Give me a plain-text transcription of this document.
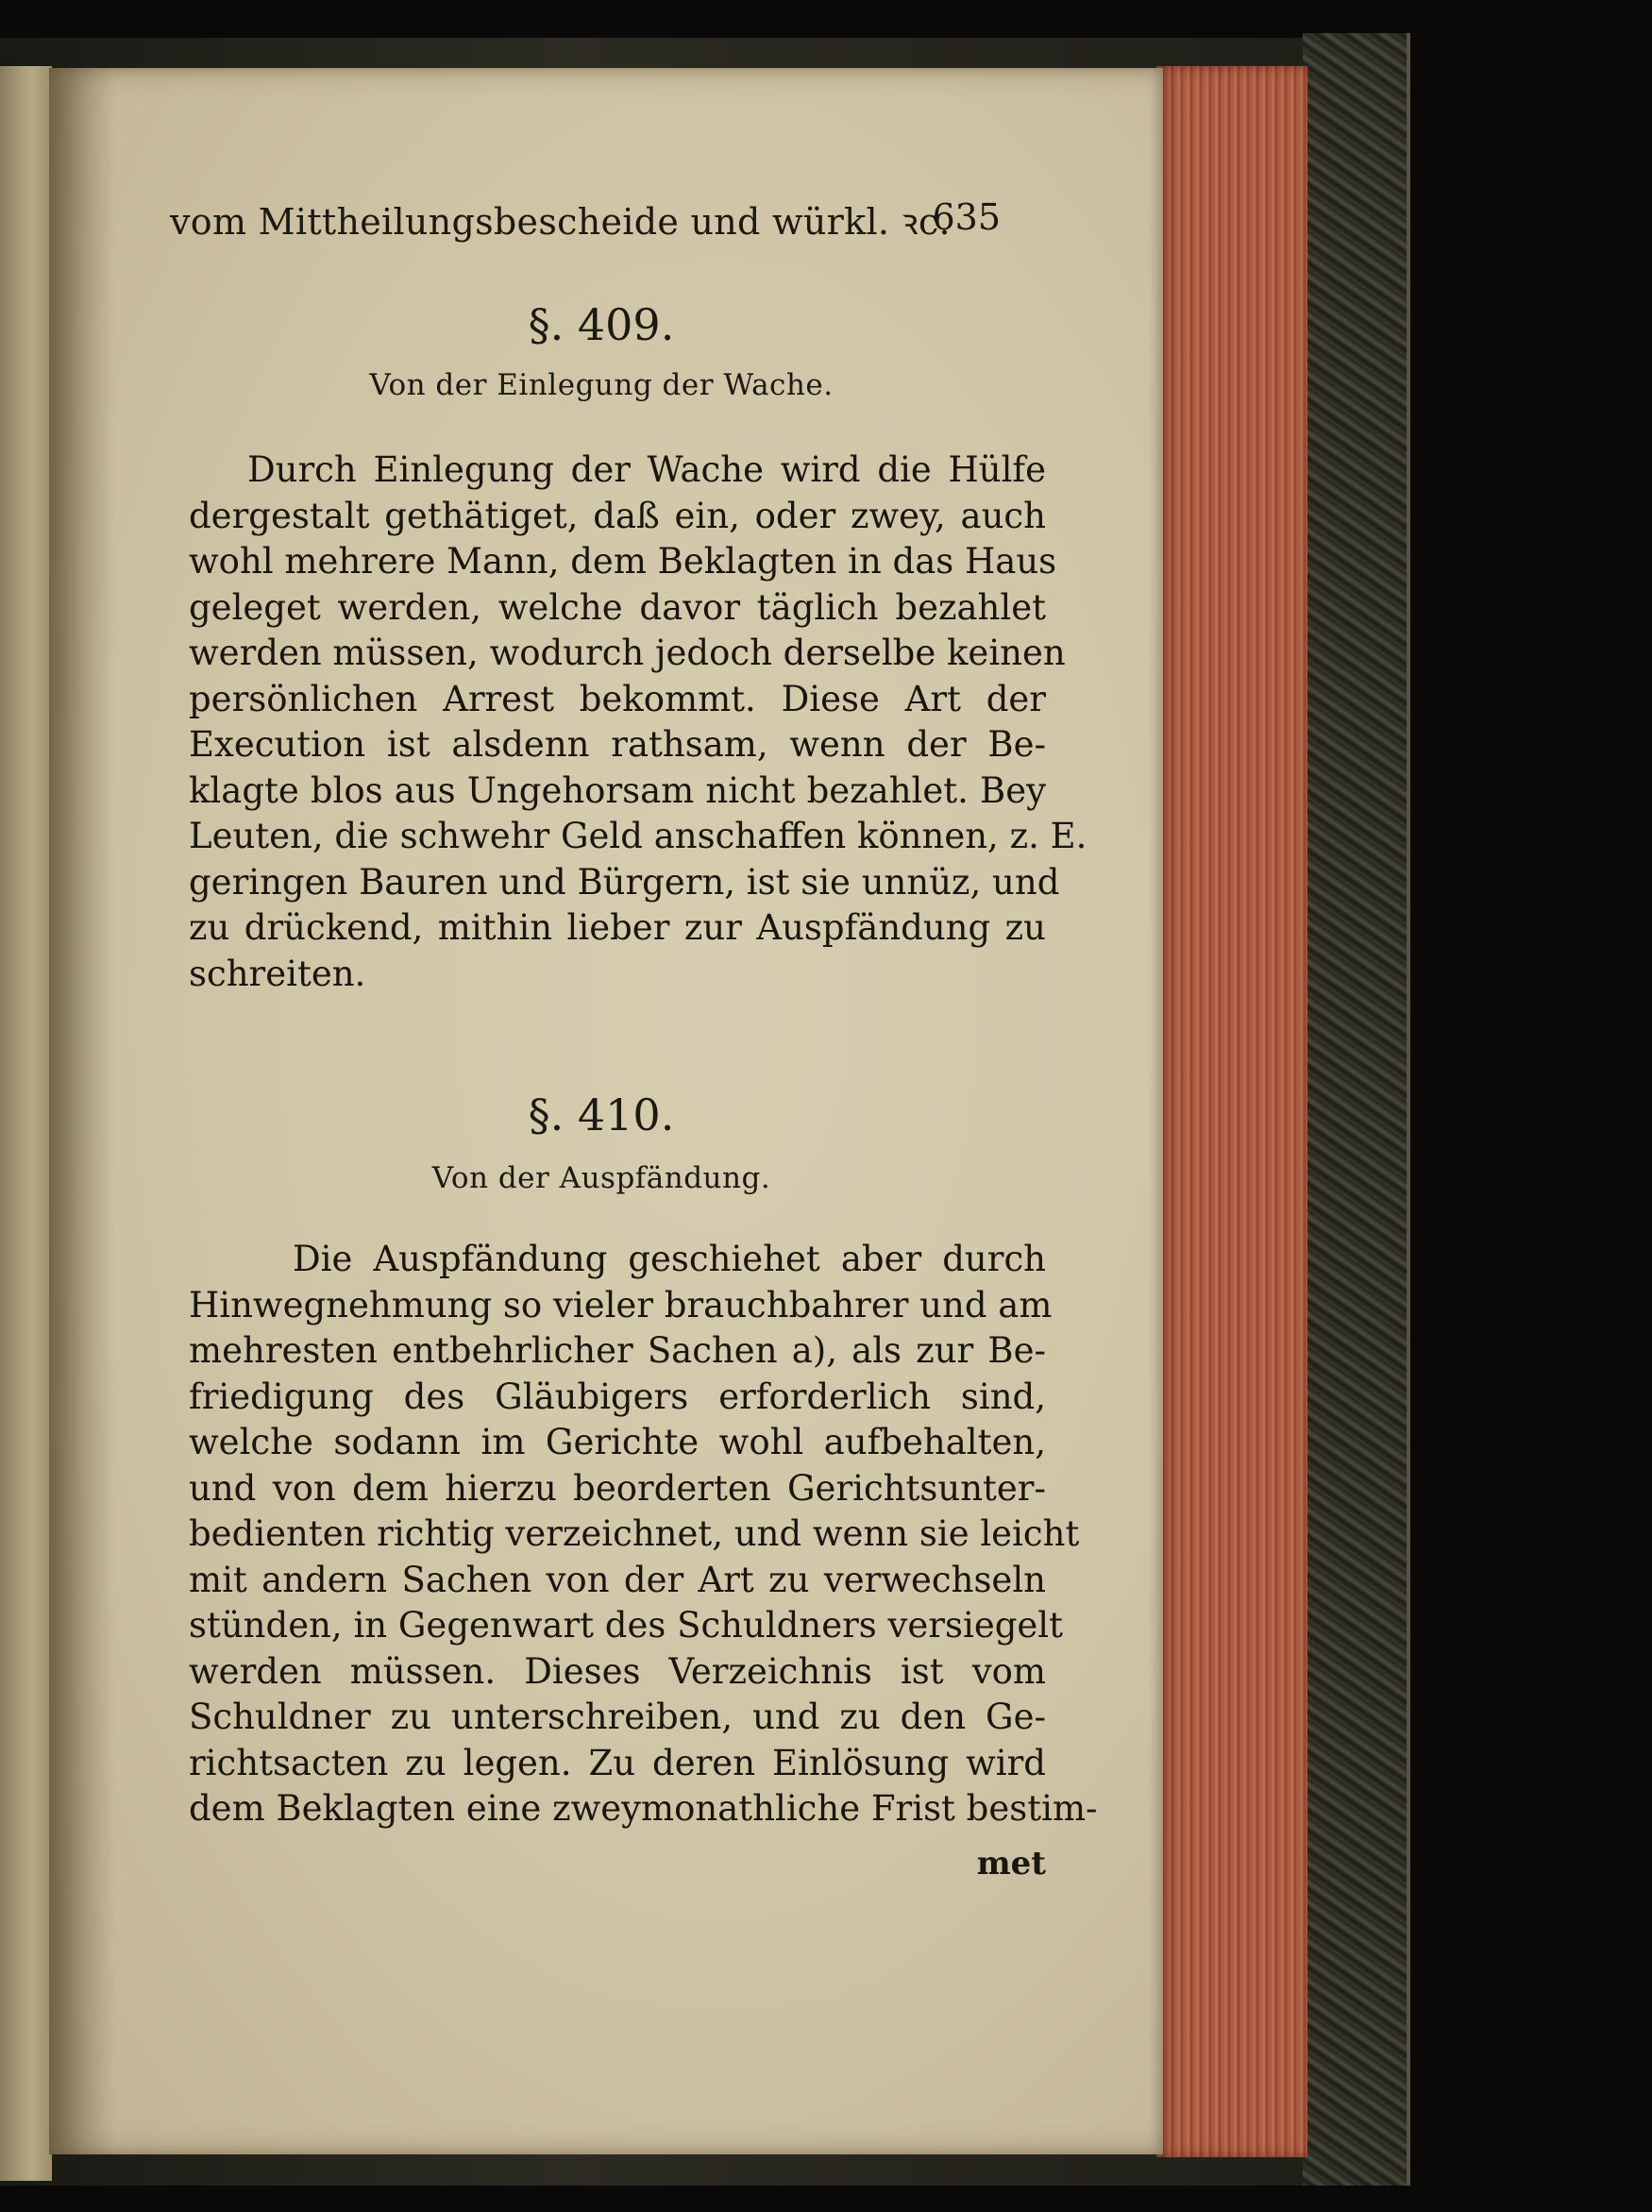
vom Mittheilungsbescheide und würkl. ꝛc.
635
§. 409.
Von der Einlegung der Wache.
Durch Einlegung der Wache wird die Hülfe
dergestalt gethätiget, daß ein, oder zwey, auch
wohl mehrere Mann, dem Beklagten in das Haus
geleget werden, welche davor täglich bezahlet
werden müssen, wodurch jedoch derselbe keinen
persönlichen Arrest bekommt. Diese Art der
Execution ist alsdenn rathsam, wenn der Be-
klagte blos aus Ungehorsam nicht bezahlet. Bey
Leuten, die schwehr Geld anschaffen können, z. E.
geringen Bauren und Bürgern, ist sie unnüz, und
zu drückend, mithin lieber zur Auspfändung zu
schreiten.
§. 410.
Von der Auspfändung.
Die Auspfändung geschiehet aber durch
Hinwegnehmung so vieler brauchbahrer und am
mehresten entbehrlicher Sachen a), als zur Be-
friedigung des Gläubigers erforderlich sind,
welche sodann im Gerichte wohl aufbehalten,
und von dem hierzu beorderten Gerichtsunter-
bedienten richtig verzeichnet, und wenn sie leicht
mit andern Sachen von der Art zu verwechseln
stünden, in Gegenwart des Schuldners versiegelt
werden müssen. Dieses Verzeichnis ist vom
Schuldner zu unterschreiben, und zu den Ge-
richtsacten zu legen. Zu deren Einlösung wird
dem Beklagten eine zweymonathliche Frist bestim-
met
